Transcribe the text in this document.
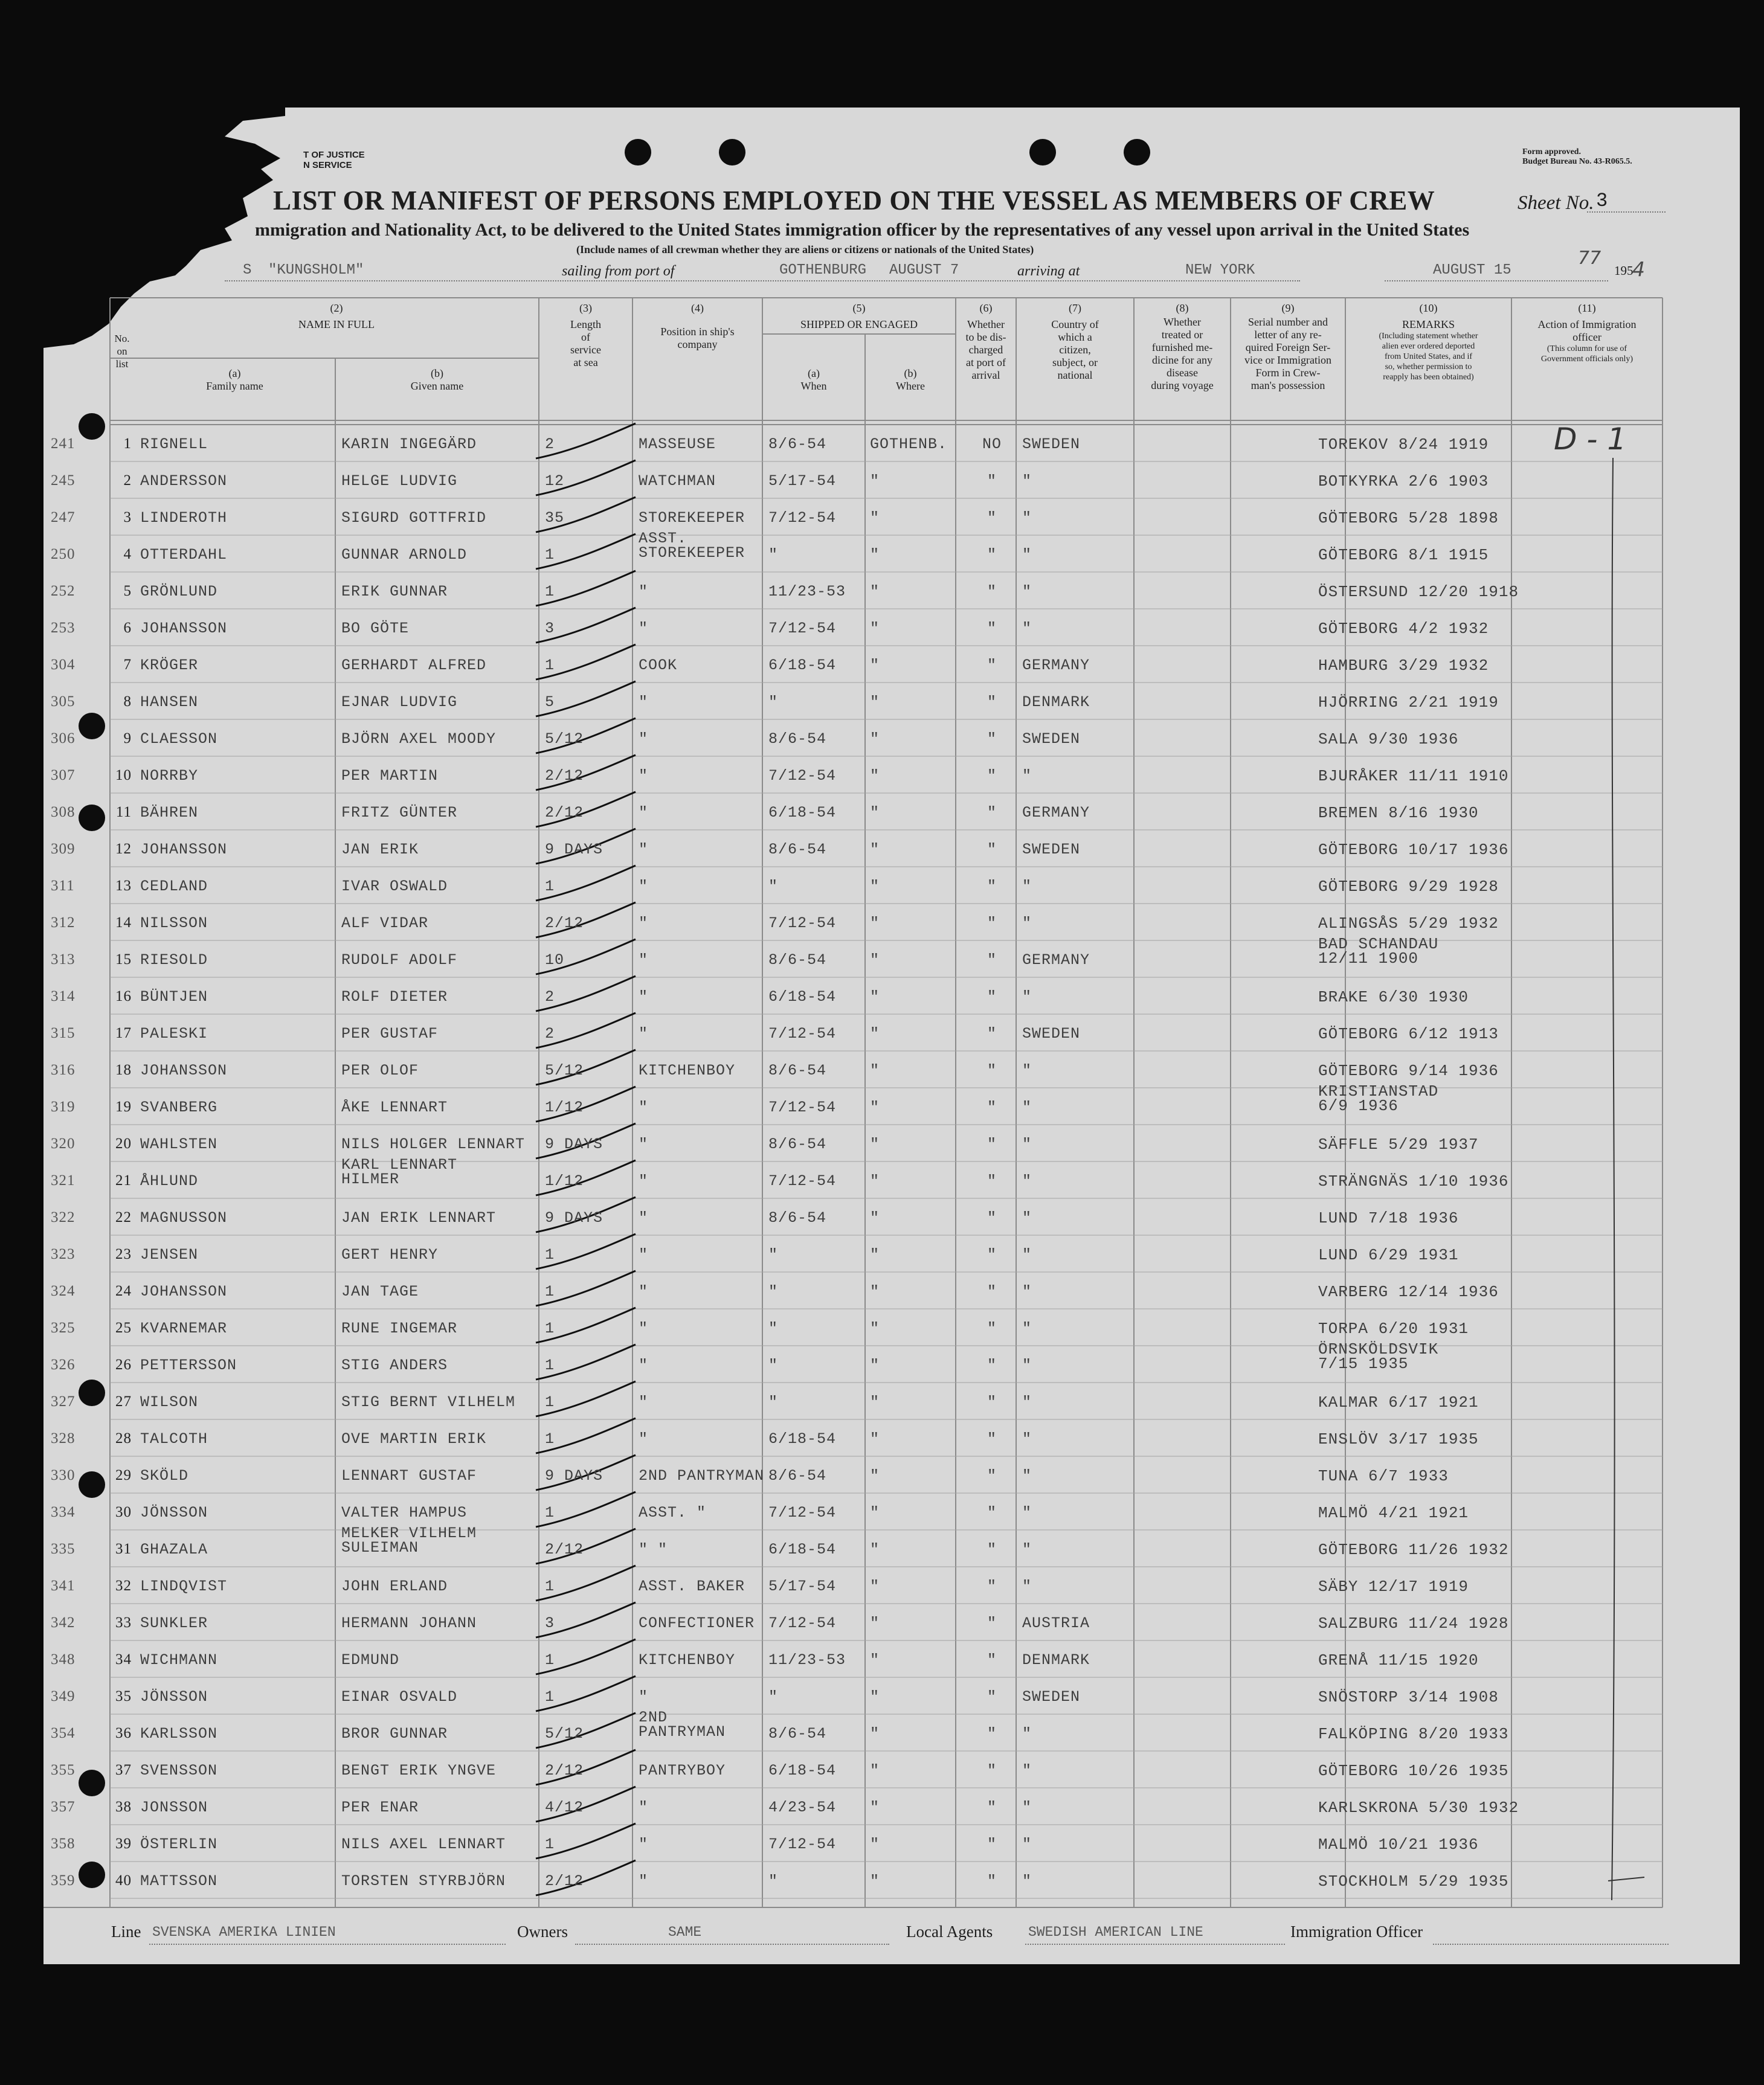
T OF JUSTICE
N SERVICE
Form approved.
Budget Bureau No. 43-R065.5.
LIST OR MANIFEST OF PERSONS EMPLOYED ON THE VESSEL AS MEMBERS OF CREW	Sheet No. 3
mmigration and Nationality Act, to be delivered to the United States immigration officer by the representatives of any vessel upon arrival in the United States
(Include names of all crewman whether they are aliens or citizens or nationals of the United States)
S "KUNGSHOLM"	sailing from port of	GOTHENBURG AUGUST 7	arriving at	NEW YORK	AUGUST 15
77
195
4
D - 1
No.
on
list
(2)
NAME IN FULL
(a)
Family name
(b)
Given name
(3)
Length
of
service
at sea
(4)
Position in ship's
company
(5)
SHIPPED OR ENGAGED
(a)
When
(b)
Where
(6)
Whether
to be dis-
charged
at port of
arrival
(7)
Country of
which a
citizen,
subject, or
national
(8)
Whether
treated or
furnished me-
dicine for any
disease
during voyage
(9)
Serial number and
letter of any re-
quired Foreign Ser-
vice or Immigration
Form in Crew-
man's possession
(10)
REMARKS
(Including statement whether
alien ever ordered deported
from United States, and if
so, whether permission to
reapply has been obtained)
(11)
Action of Immigration
officer
(This column for use of
Government officials only)
241	1 RIGNELL	KARIN INGEGÄRD	2	MASSEUSE	8/6-54	GOTHENB.	NO	SWEDEN	TOREKOV 8/24 1919
245	2 ANDERSSON	HELGE LUDVIG	12	WATCHMAN	5/17-54 "	"	"	BOTKYRKA 2/6 1903
247	3 LINDEROTH	SIGURD GOTTFRID	35	STOREKEEPER 7/12-54 "	"	"	GÖTEBORG 5/28 1898
250	4 OTTERDAHL	GUNNAR ARNOLD	1
ASST. STOREKEEPER	"	"	"	"	GÖTEBORG 8/1 1915
252	5 GRÖNLUND	ERIK GUNNAR	1	"	11/23-53 "	"	"	ÖSTERSUND 12/20 1918
253	6 JOHANSSON	BO GÖTE	3	"	7/12-54 "	"	"	GÖTEBORG 4/2 1932
304	7 KRÖGER	GERHARDT ALFRED	1	COOK	6/18-54 "	"	GERMANY	HAMBURG 3/29 1932
305	8 HANSEN	EJNAR LUDVIG	5	"	"	"	"	DENMARK	HJÖRRING 2/21 1919
306	9 CLAESSON	BJÖRN AXEL MOODY	5/12	"	8/6-54	"	"	SWEDEN	SALA 9/30 1936
307	10 NORRBY	PER MARTIN	2/12	"	7/12-54 "	"	"	BJURÅKER 11/11 1910
308	11 BÄHREN	FRITZ GÜNTER	2/12	"	6/18-54 "	"	GERMANY	BREMEN 8/16 1930
309	12 JOHANSSON	JAN ERIK	9 DAYS "	8/6-54	"	"	SWEDEN	GÖTEBORG 10/17 1936
311	13 CEDLAND	IVAR OSWALD	1	"	"	"	"	"	GÖTEBORG 9/29 1928
312	14 NILSSON	ALF VIDAR	2/12	"	7/12-54 "	"	"	ALINGSÅS 5/29 1932
313	15 RIESOLD	RUDOLF ADOLF	10	"	8/6-54	"	"	GERMANY
BAD SCHANDAU 12/11 1900
314	16 BÜNTJEN	ROLF DIETER	2	"	6/18-54 "	"	"	BRAKE 6/30 1930
315	17 PALESKI	PER GUSTAF	2	"	7/12-54 "	"	SWEDEN	GÖTEBORG 6/12 1913
316	18 JOHANSSON	PER OLOF	5/12	KITCHENBOY 8/6-54	"	"	"	GÖTEBORG 9/14 1936
319	19 SVANBERG	ÅKE LENNART	1/12	"	7/12-54 "	"	"
KRISTIANSTAD 6/9 1936
320	20 WAHLSTEN	NILS HOLGER LENNART 9 DAYS "	8/6-54	"	"	"	SÄFFLE 5/29 1937
321	21 ÅHLUND
KARL LENNART HILMER	1/12	"	7/12-54 "	"	"	STRÄNGNÄS 1/10 1936
322	22 MAGNUSSON	JAN ERIK LENNART	9 DAYS "	8/6-54	"	"	"	LUND 7/18 1936
323	23 JENSEN	GERT HENRY	1	"	"	"	"	"	LUND 6/29 1931
324	24 JOHANSSON	JAN TAGE	1	"	"	"	"	"	VARBERG 12/14 1936
325	25 KVARNEMAR	RUNE INGEMAR	1	"	"	"	"	"	TORPA 6/20 1931
326	26 PETTERSSON	STIG ANDERS	1	"	"	"	"	"
ÖRNSKÖLDSVIK 7/15 1935
327	27 WILSON	STIG BERNT VILHELM 1	"	"	"	"	"	KALMAR 6/17 1921
328	28 TALCOTH	OVE MARTIN ERIK	1	"	6/18-54 "	"	"	ENSLÖV 3/17 1935
330	29 SKÖLD	LENNART GUSTAF	9 DAYS 2ND PANTRYMAN 8/6-54	"	"	"	TUNA 6/7 1933
334	30 JÖNSSON	VALTER HAMPUS	1	ASST. "	7/12-54 "	"	"	MALMÖ 4/21 1921
335	31 GHAZALA
MELKER VILHELM SULEIMAN	2/12	" "	6/18-54 "	"	"	GÖTEBORG 11/26 1932
341	32 LINDQVIST	JOHN ERLAND	1	ASST. BAKER 5/17-54 "	"	"	SÄBY 12/17 1919
342	33 SUNKLER	HERMANN JOHANN	3	CONFECTIONER 7/12-54 "	"	AUSTRIA	SALZBURG 11/24 1928
348	34 WICHMANN	EDMUND	1	KITCHENBOY 11/23-53 "	"	DENMARK	GRENÅ 11/15 1920
349	35 JÖNSSON	EINAR OSVALD	1	"	"	"	"	SWEDEN	SNÖSTORP 3/14 1908
354	36 KARLSSON	BROR GUNNAR	5/12
2ND PANTRYMAN	8/6-54	"	"	"	FALKÖPING 8/20 1933
355	37 SVENSSON	BENGT ERIK YNGVE	2/12	PANTRYBOY	6/18-54 "	"	"	GÖTEBORG 10/26 1935
357	38 JONSSON	PER ENAR	4/12	"	4/23-54 "	"	"	KARLSKRONA 5/30 1932
358	39 ÖSTERLIN	NILS AXEL LENNART	1	"	7/12-54 "	"	"	MALMÖ 10/21 1936
359	40 MATTSSON	TORSTEN STYRBJÖRN	2/12	"	"	"	"	"	STOCKHOLM 5/29 1935
Line SVENSKA AMERIKA LINIEN	Owners	SAME	Local Agents	SWEDISH AMERICAN LINE	Immigration Officer
